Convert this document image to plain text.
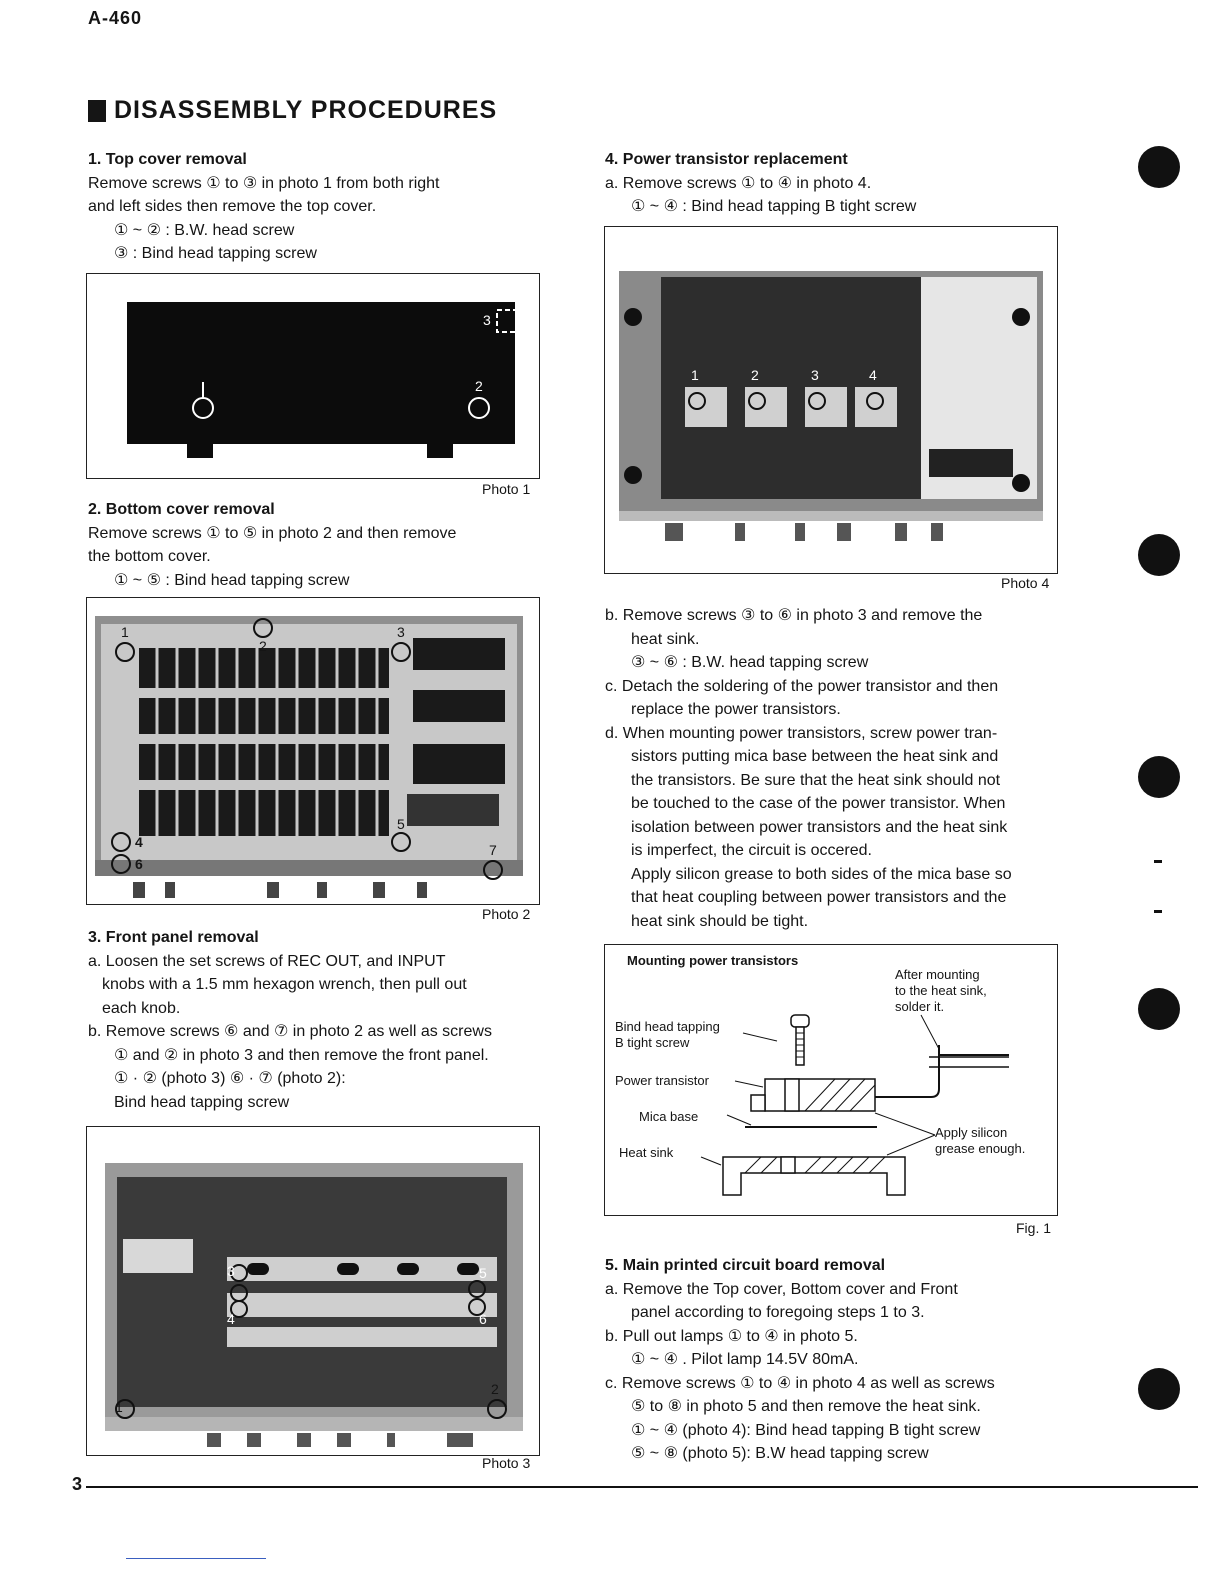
A-460
DISASSEMBLY PROCEDURES

1. Top cover removal

Remove screws ① to ③ in photo 1 from both right

and left sides then remove the top cover.

① ~ ② : B.W. head screw

③ : Bind head tapping screw

2
3
Photo 1

2. Bottom cover removal

Remove screws ① to ⑤ in photo 2 and then remove

the bottom cover.

① ~ ⑤ : Bind head tapping screw

1
2
3
4
5
6
7
Photo 2

3. Front panel removal

a. Loosen the set screws of REC OUT, and INPUT

knobs with a 1.5 mm hexagon wrench, then pull out

each knob.

b. Remove screws ⑥ and ⑦ in photo 2 as well as screws

① and ② in photo 3 and then remove the front panel.

① · ② (photo 3) ⑥ · ⑦ (photo 2):

Bind head tapping screw

1
2
3
4
5
6
Photo 3

4. Power transistor replacement

a. Remove screws ① to ④ in photo 4.

① ~ ④ : Bind head tapping B tight screw

1	2	3	4
Photo 4

b. Remove screws ③ to ⑥ in photo 3 and remove the

heat sink.

③ ~ ⑥ : B.W. head tapping screw

c. Detach the soldering of the power transistor and then

replace the power transistors.

d. When mounting power transistors, screw power tran-

sistors putting mica base between the heat sink and

the transistors. Be sure that the heat sink should not

be touched to the case of the power transistor. When

isolation between power transistors and the heat sink

is imperfect, the circuit is occered.

Apply silicon grease to both sides of the mica base so

that heat coupling between power transistors and the

heat sink should be tight.

Mounting power transistors
After mounting
to the heat sink,
solder it.
Bind head tapping
B tight screw
Power transistor
Mica base
Heat sink
Apply silicon
grease enough.
Fig. 1

5. Main printed circuit board removal

a. Remove the Top cover, Bottom cover and Front

panel according to foregoing steps 1 to 3.

b. Pull out lamps ① to ④ in photo 5.

① ~ ④ . Pilot lamp 14.5V 80mA.

c. Remove screws ① to ④ in photo 4 as well as screws

⑤ to ⑧ in photo 5 and then remove the heat sink.

① ~ ④ (photo 4): Bind head tapping B tight screw

⑤ ~ ⑧ (photo 5): B.W head tapping screw

3
